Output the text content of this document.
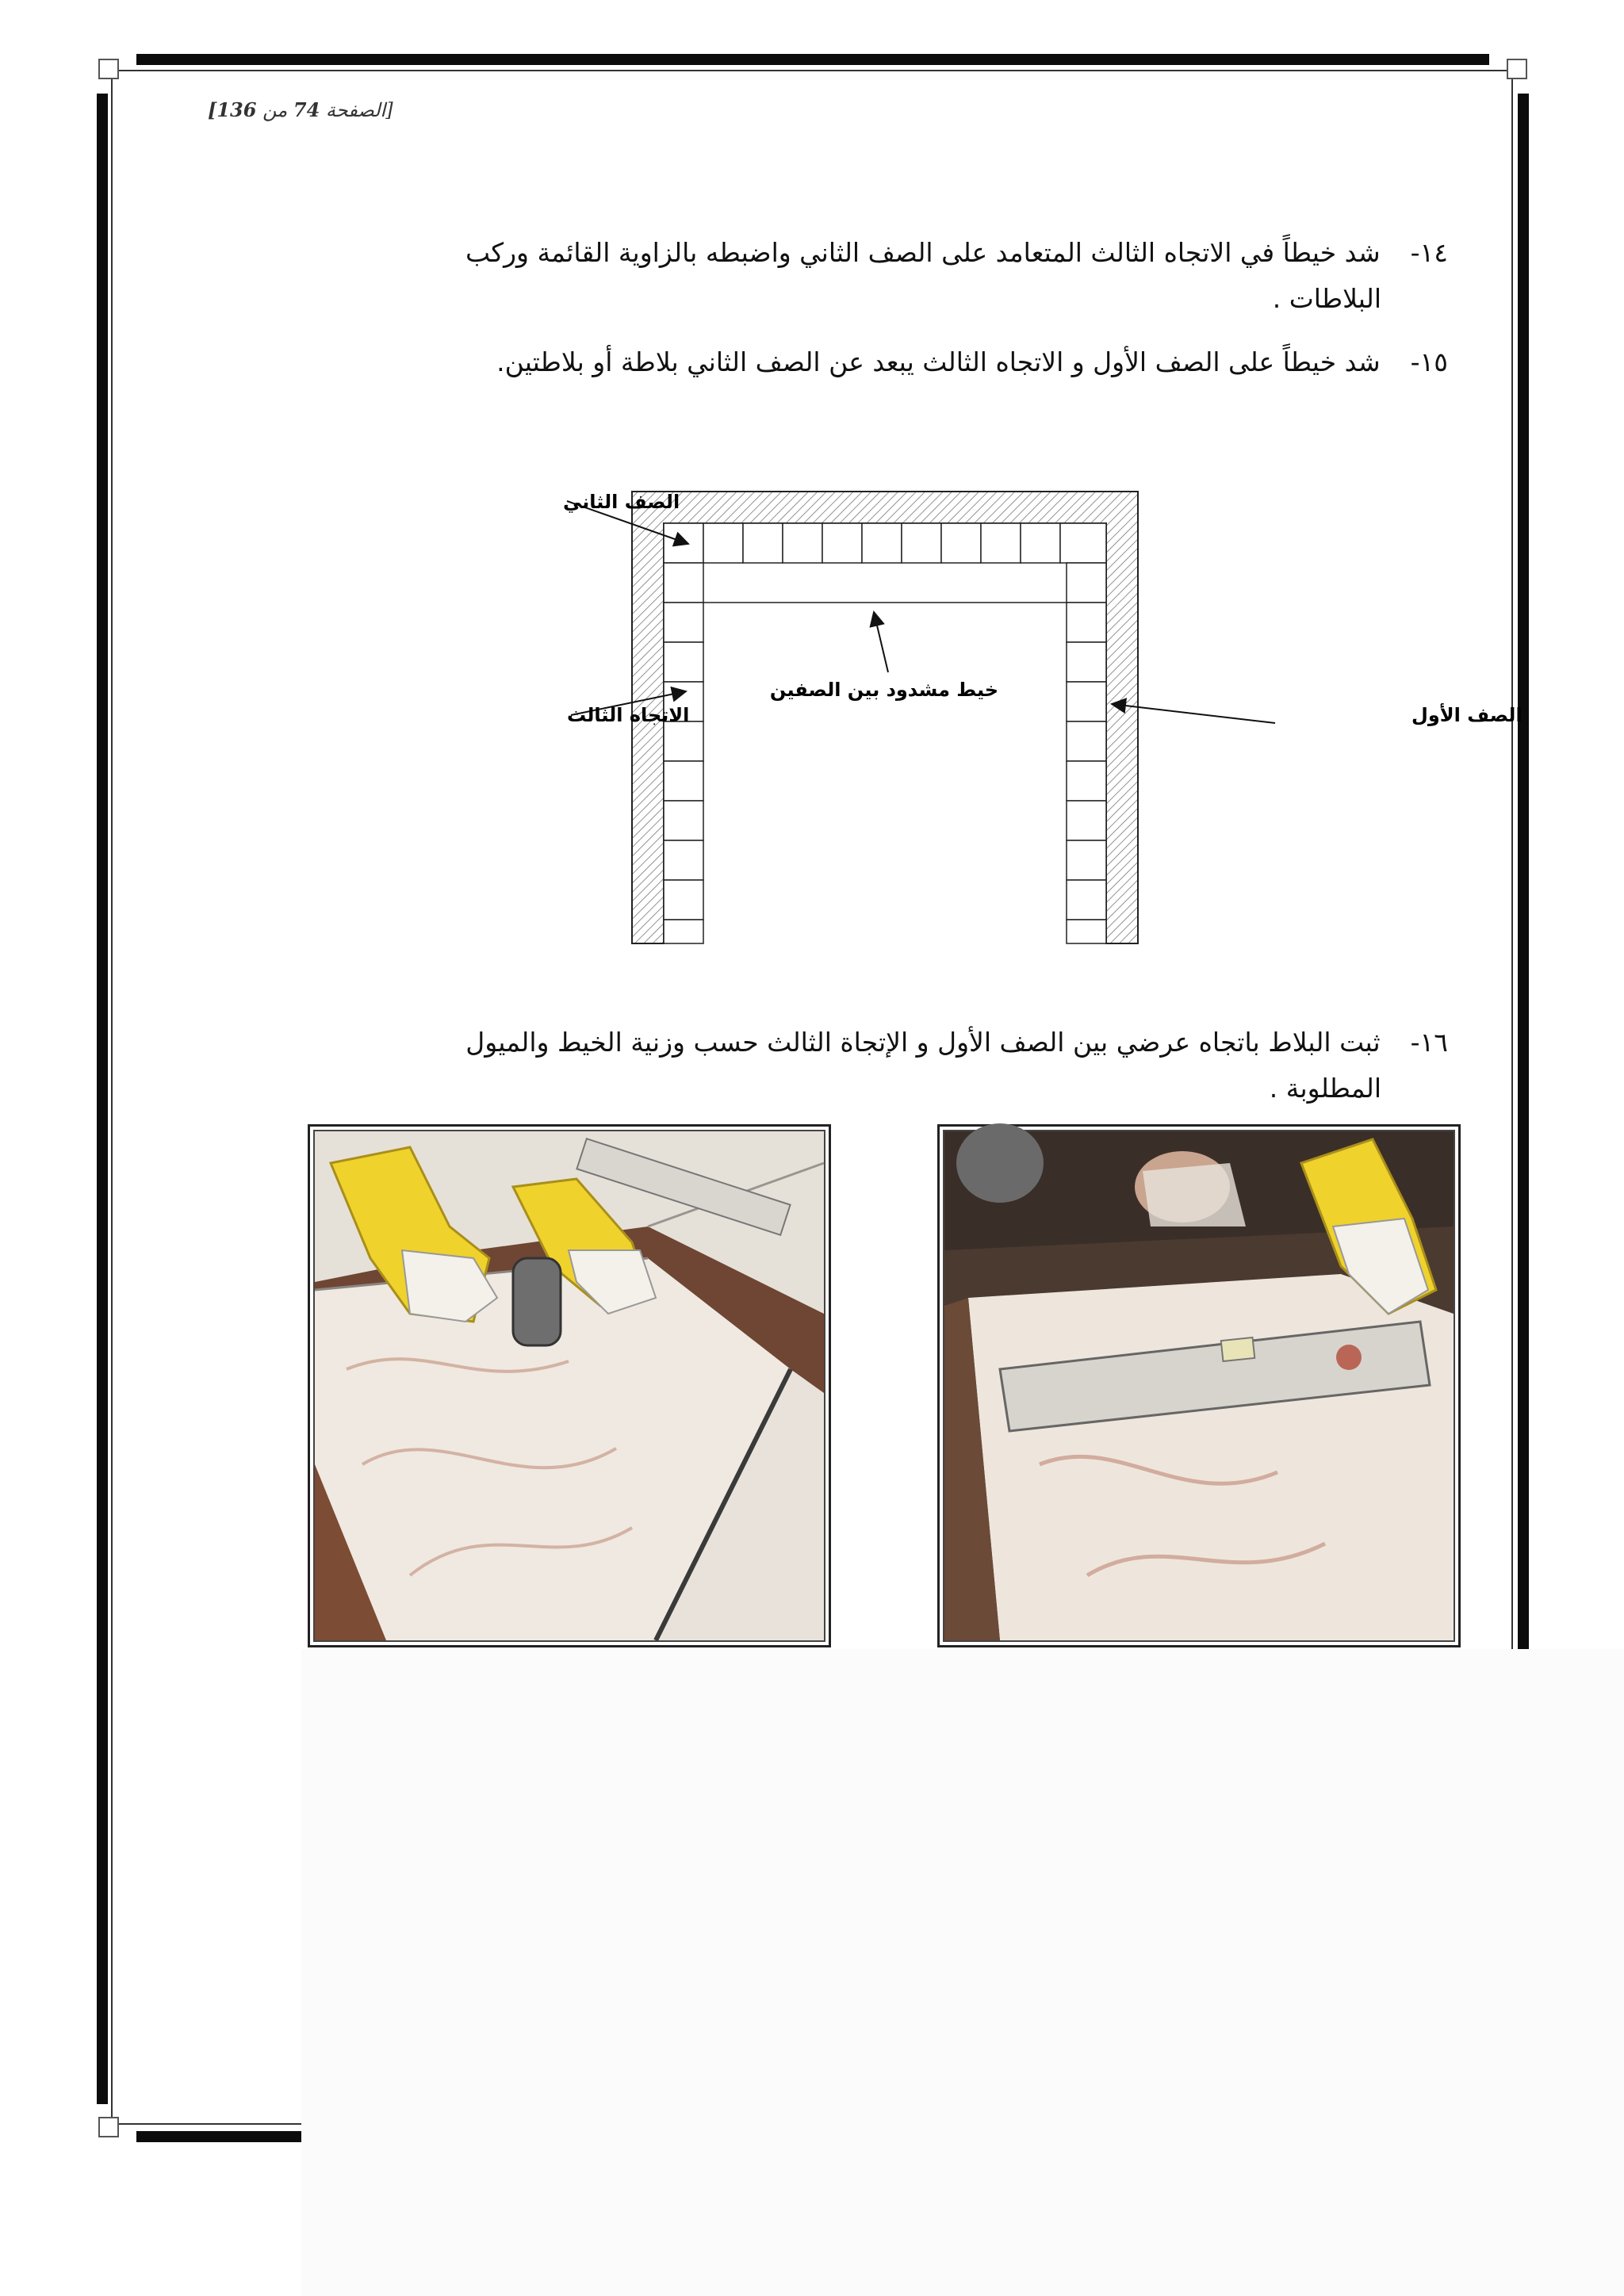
[الصفحة 74 من 136]
١٤-شد خيطاً في الاتجاه الثالث المتعامد على الصف الثاني واضبطه بالزاوية القائمة وركب
البلاطات .
١٥-شد خيطاً على الصف الأول و الاتجاه الثالث يبعد عن الصف الثاني بلاطة أو بلاطتين.
الصف الثاني
الاتجاه الثالث
خيط مشدود بين الصفين
الصف الأول
١٦-ثبت البلاط باتجاه عرضي بين الصف الأول و الإتجاة الثالث حسب وزنية الخيط والميول
المطلوبة .
